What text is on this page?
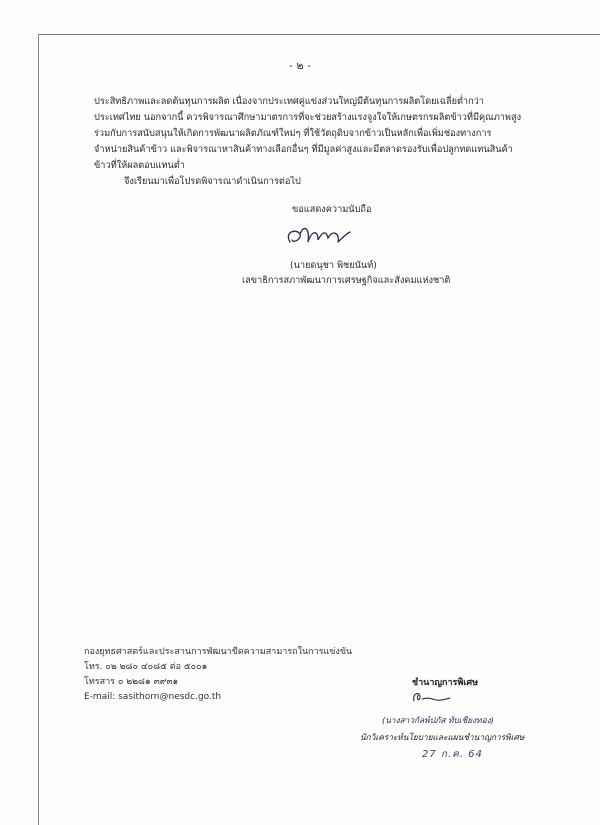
- ๒ -
ประสิทธิภาพและลดต้นทุนการผลิต เนื่องจากประเทศคู่แข่งส่วนใหญ่มีต้นทุนการผลิตโดยเฉลี่ยต่ำกว่า
ประเทศไทย นอกจากนี้ ควรพิจารณาศึกษามาตรการที่จะช่วยสร้างแรงจูงใจให้เกษตรกรผลิตข้าวที่มีคุณภาพสูง
ร่วมกับการสนับสนุนให้เกิดการพัฒนาผลิตภัณฑ์ใหม่ๆ ที่ใช้วัตถุดิบจากข้าวเป็นหลักเพื่อเพิ่มช่องทางการ
จำหน่ายสินค้าข้าว และพิจารณาหาสินค้าทางเลือกอื่นๆ ที่มีมูลค่าสูงและมีตลาดรองรับเพื่อปลูกทดแทนสินค้า
ข้าวที่ให้ผลตอบแทนต่ำ
จึงเรียนมาเพื่อโปรดพิจารณาดำเนินการต่อไป
ขอแสดงความนับถือ
(นายดนุชา พิชยนันท์)
เลขาธิการสภาพัฒนาการเศรษฐกิจและสังคมแห่งชาติ
กองยุทธศาสตร์และประสานการพัฒนาขีดความสามารถในการแข่งขัน
โทร. ๐๒ ๒๘๐ ๔๐๘๕ ต่อ ๕๐๐๑
โทรสาร ๐ ๒๒๘๑ ๓๙๓๑
E-mail: sasithorn@nesdc.go.th
ชำนาญการพิเศษ
(นางสาวกัลพ์ปภัส ทับเชียงทอง)
นักวิเคราะห์นโยบายและแผนชำนาญการพิเศษ
27 ก.ค. 64
